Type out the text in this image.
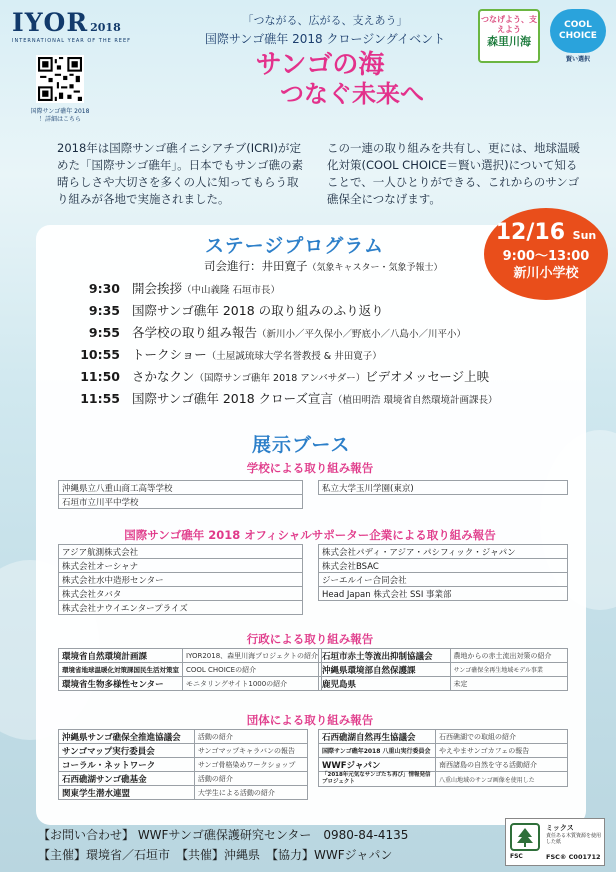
IYOR 2018
INTERNATIONAL YEAR OF THE REEF
国際サンゴ礁年 2018
！詳細はこちら
「つながる、広がる、支えあう」
国際サンゴ礁年 2018 クロージングイベント
つなげよう、支えよう
森里川海
COOL CHOICE
賢い選択
サンゴの海
つなぐ未来へ
2018年は国際サンゴ礁イニシアチブ(ICRI)が定めた「国際サンゴ礁年」。日本でもサンゴ礁の素晴らしさや大切さを多くの人に知ってもらう取り組みが各地で実施されました。
この一連の取り組みを共有し、更には、地球温暖化対策(COOL CHOICE＝賢い選択)について知ることで、一人ひとりができる、これからのサンゴ礁保全につなげます。
12/16 Sun
9:00～13:00
新川小学校
ステージプログラム
司会進行：井田寛子（気象キャスター・気象予報士）
9:30 開会挨拶（中山義隆 石垣市長）
9:35 国際サンゴ礁年 2018 の取り組みのふり返り
9:55 各学校の取り組み報告（新川小／平久保小／野底小／八島小／川平小）
10:55 トークショー（土屋誠琉球大学名誉教授 & 井田寛子）
11:50 さかなクン（国際サンゴ礁年 2018 アンバサダー）ビデオメッセージ上映
11:55 国際サンゴ礁年 2018 クローズ宣言（植田明浩 環境省自然環境計画課長）
展示ブース
学校による取り組み報告
沖縄県立八重山商工高等学校
石垣市立川平中学校
私立大学玉川学園(東京)
国際サンゴ礁年 2018 オフィシャルサポーター企業による取り組み報告
アジア航測株式会社
株式会社オーシャナ
株式会社水中造形センター
株式会社タバタ
株式会社ナウイエンタープライズ
株式会社パディ・アジア・パシフィック・ジャパン
株式会社BSAC
ジーエルイー合同会社
Head Japan 株式会社 SSI 事業部
行政による取り組み報告
環境省自然環境計画課	IYOR2018、森里川海プロジェクトの紹介
環境省地球温暖化対策課国民生活対策室	COOL CHOICEの紹介
環境省生物多様性センター	モニタリングサイト1000の紹介
石垣市赤土等流出抑制協議会	農地からの赤土流出対策の紹介
沖縄県環境部自然保護課	サンゴ礁保全再生地域モデル事業
鹿児島県	未定
団体による取り組み報告
沖縄県サンゴ礁保全推進協議会	活動の紹介
サンゴマップ実行委員会	サンゴマップキャラバンの報告
コーラル・ネットワーク	サンゴ骨格染めワークショップ
石西礁湖サンゴ礁基金	活動の紹介
関東学生潜水連盟	大学生による活動の紹介
石西礁湖自然再生協議会	石西礁湖での取組の紹介
国際サンゴ礁年2018 八重山実行委員会	やえやまサンゴカフェの報告
WWFジャパン	南西諸島の自然を守る活動紹介
「2018年元気なサンゴたち再び」情報発信プロジェクト	八重山地域のサンゴ画像を使用した
【お問い合わせ】 WWFサンゴ礁保護研究センター　0980-84-4135
【主催】環境省／石垣市　【共催】沖縄県　【協力】WWFジャパン
ミックス
責任ある木質資源を使用した紙
FSC	FSC® C001712
